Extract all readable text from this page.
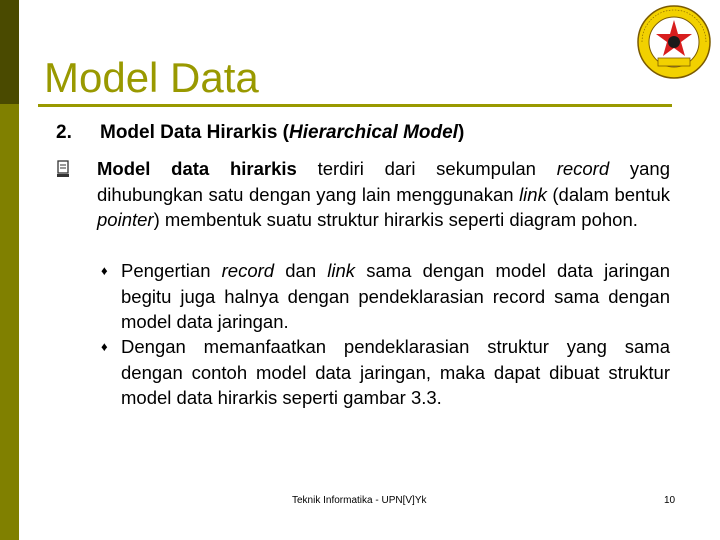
Model Data
2. Model Data Hirarkis (Hierarchical Model)
Model data hirarkis terdiri dari sekumpulan record yang dihubungkan satu dengan yang lain menggunakan link (dalam bentuk pointer) membentuk suatu struktur hirarkis seperti diagram pohon.
♦ Pengertian record dan link sama dengan model data jaringan begitu juga halnya dengan pendeklarasian record sama dengan model data jaringan.
♦ Dengan memanfaatkan pendeklarasian struktur yang sama dengan contoh model data jaringan, maka dapat dibuat struktur model data hirarkis seperti gambar 3.3.
Teknik Informatika - UPN[V]Yk	10
